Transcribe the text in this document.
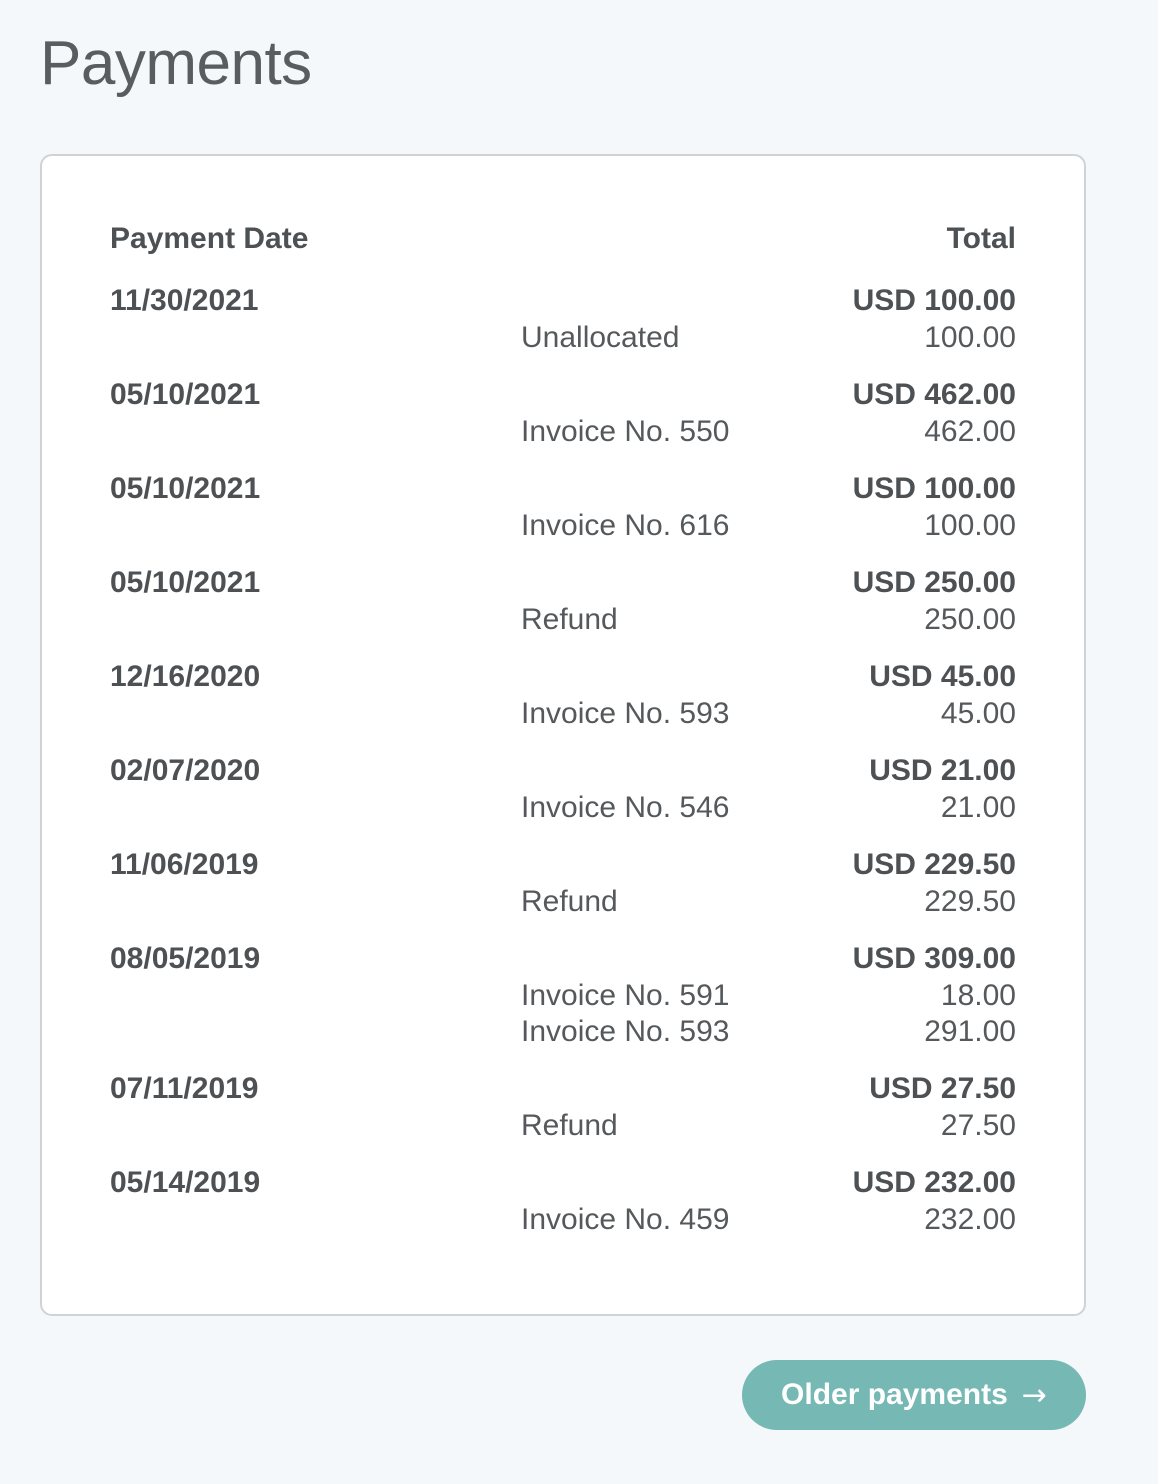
Payments
Payment Date	Total
11/30/2021	USD 100.00
Unallocated	100.00
05/10/2021	USD 462.00
Invoice No. 550	462.00
05/10/2021	USD 100.00
Invoice No. 616	100.00
05/10/2021	USD 250.00
Refund	250.00
12/16/2020	USD 45.00
Invoice No. 593	45.00
02/07/2020	USD 21.00
Invoice No. 546	21.00
11/06/2019	USD 229.50
Refund	229.50
08/05/2019	USD 309.00
Invoice No. 591	18.00
Invoice No. 593	291.00
07/11/2019	USD 27.50
Refund	27.50
05/14/2019	USD 232.00
Invoice No. 459	232.00
Older payments →
